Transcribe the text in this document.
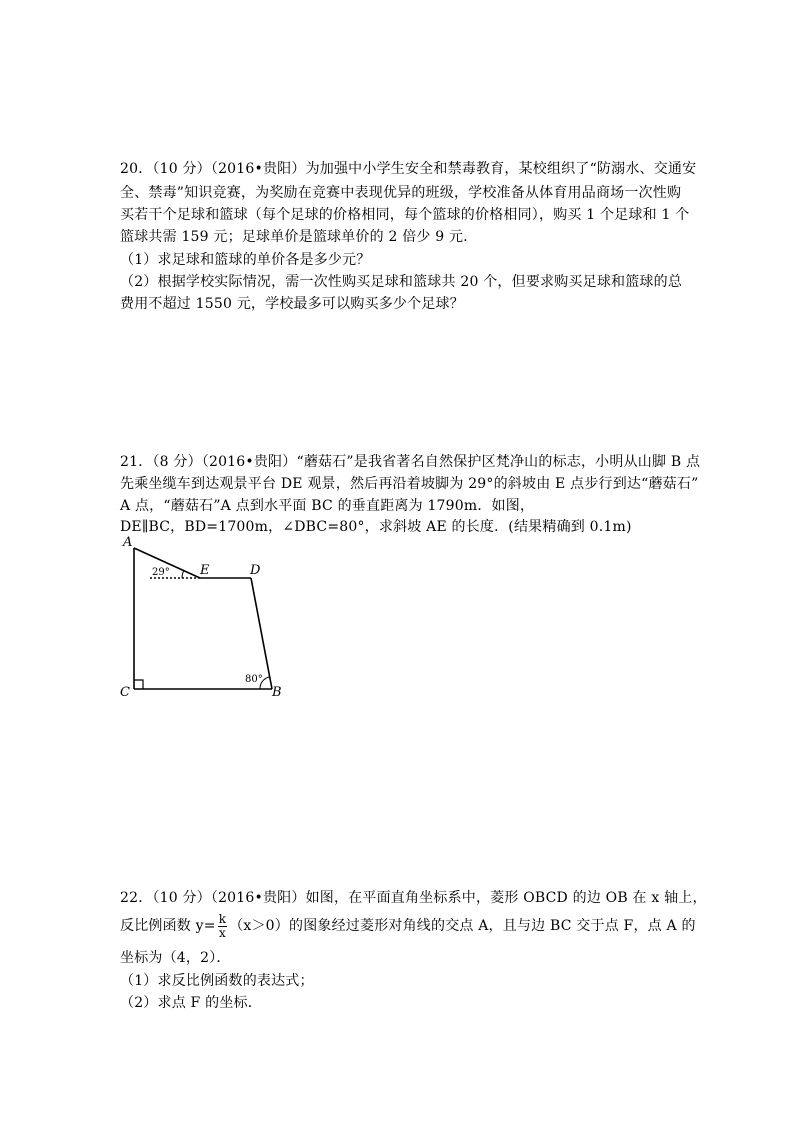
20．（10 分）（2016•贵阳）为加强中小学生安全和禁毒教育，某校组织了“防溺水、交通安
全、禁毒”知识竞赛，为奖励在竞赛中表现优异的班级，学校准备从体育用品商场一次性购
买若干个足球和篮球（每个足球的价格相同，每个篮球的价格相同），购买 1 个足球和 1 个
篮球共需 159 元；足球单价是篮球单价的 2 倍少 9 元．
（1）求足球和篮球的单价各是多少元？
（2）根据学校实际情况，需一次性购买足球和篮球共 20 个，但要求购买足球和篮球的总
费用不超过 1550 元，学校最多可以购买多少个足球？
21．（8 分）（2016•贵阳）“蘑菇石”是我省著名自然保护区梵净山的标志，小明从山脚 B 点
先乘坐缆车到达观景平台 DE 观景，然后再沿着坡脚为 29°的斜坡由 E 点步行到达“蘑菇石”
A 点，“蘑菇石”A 点到水平面 BC 的垂直距离为 1790m．如图，
DE∥BC，BD=1700m，∠DBC=80°，求斜坡 AE 的长度．(结果精确到 0.1m)
A
E	D
C	B
29°
80°
22．（10 分）（2016•贵阳）如图，在平面直角坐标系中，菱形 OBCD 的边 OB 在 x 轴上，
反比例函数 $y= \frac{k}{x} (x>0)$的图象经过菱形对角线的交点 A，且与边 BC 交于点 F，点 A 的
坐标为（4，2）．
（1）求反比例函数的表达式；
（2）求点 F 的坐标．
